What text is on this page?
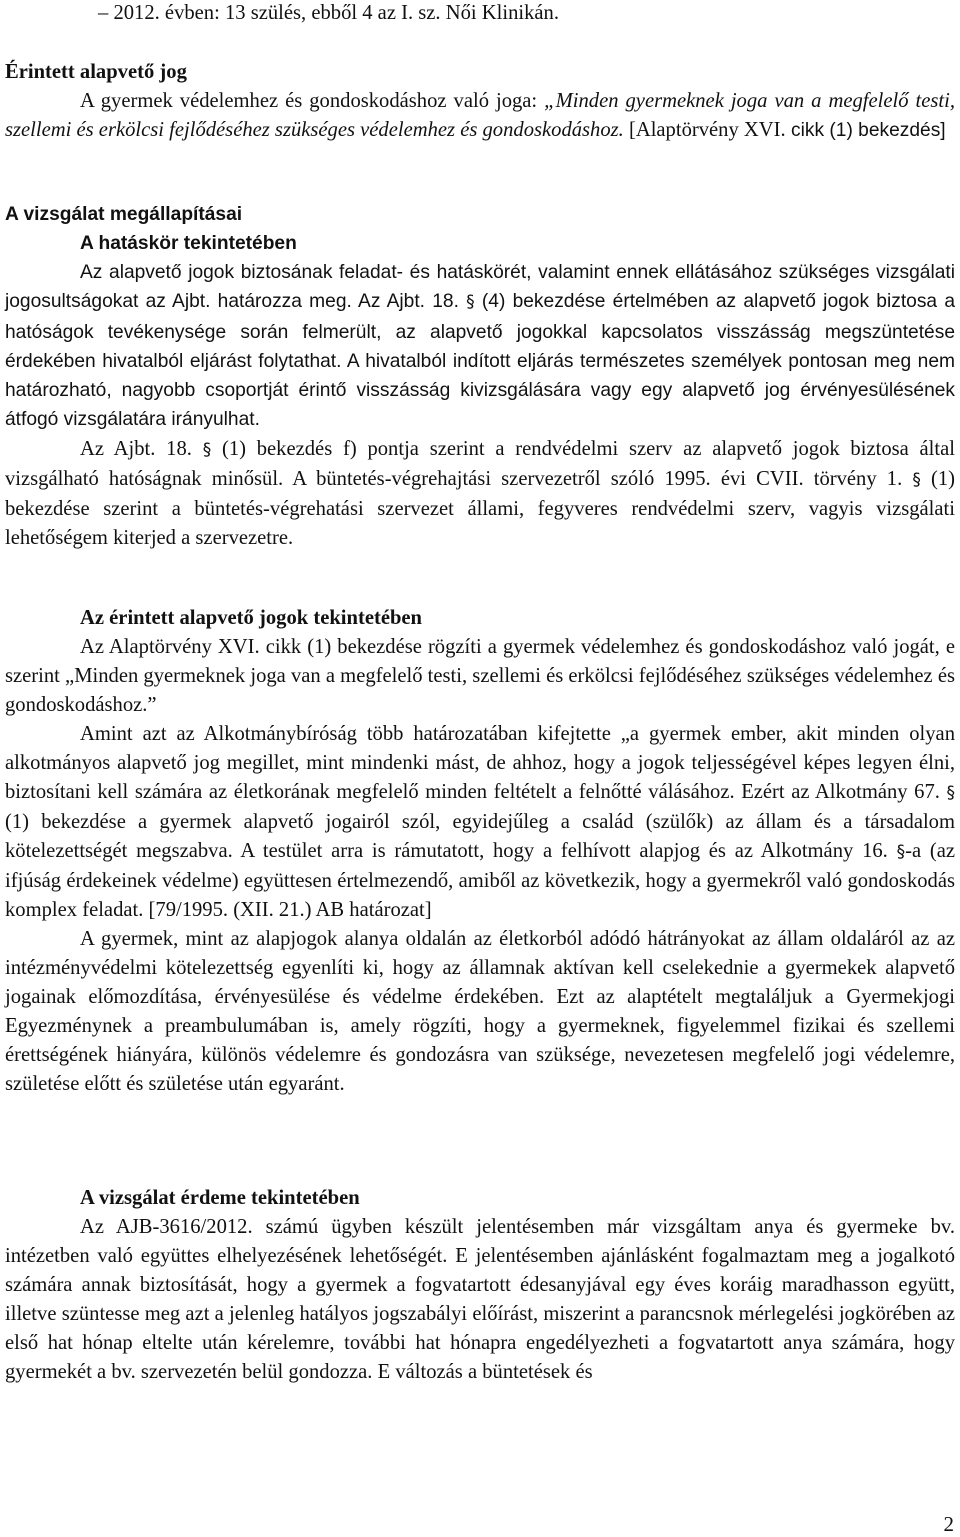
– 2012. évben: 13 szülés, ebből 4 az I. sz. Női Klinikán.

Érintett alapvető jog

A gyermek védelemhez és gondoskodáshoz való joga: „Minden gyermeknek joga van a megfelelő testi, szellemi és erkölcsi fejlődéséhez szükséges védelemhez és gondoskodáshoz. [Alaptörvény XVI. cikk (1) bekezdés]

A vizsgálat megállapításai

A hatáskör tekintetében

Az alapvető jogok biztosának feladat- és hatáskörét, valamint ennek ellátásához szükséges vizsgálati jogosultságokat az Ajbt. határozza meg. Az Ajbt. 18. § (4) bekezdése értelmében az alapvető jogok biztosa a hatóságok tevékenysége során felmerült, az alapvető jogokkal kapcsolatos visszásság megszüntetése érdekében hivatalból eljárást folytathat. A hivatalból indított eljárás természetes személyek pontosan meg nem határozható, nagyobb csoportját érintő visszásság kivizsgálására vagy egy alapvető jog érvényesülésének átfogó vizsgálatára irányulhat.

Az Ajbt. 18. § (1) bekezdés f) pontja szerint a rendvédelmi szerv az alapvető jogok biztosa által vizsgálható hatóságnak minősül. A büntetés-végrehajtási szervezetről szóló 1995. évi CVII. törvény 1. § (1) bekezdése szerint a büntetés-végrehatási szervezet állami, fegyveres rendvédelmi szerv, vagyis vizsgálati lehetőségem kiterjed a szervezetre.

Az érintett alapvető jogok tekintetében

Az Alaptörvény XVI. cikk (1) bekezdése rögzíti a gyermek védelemhez és gondoskodáshoz való jogát, e szerint „Minden gyermeknek joga van a megfelelő testi, szellemi és erkölcsi fejlődéséhez szükséges védelemhez és gondoskodáshoz.”

Amint azt az Alkotmánybíróság több határozatában kifejtette „a gyermek ember, akit minden olyan alkotmányos alapvető jog megillet, mint mindenki mást, de ahhoz, hogy a jogok teljességével képes legyen élni, biztosítani kell számára az életkorának megfelelő minden feltételt a felnőtté válásához. Ezért az Alkotmány 67. § (1) bekezdése a gyermek alapvető jogairól szól, egyidejűleg a család (szülők) az állam és a társadalom kötelezettségét megszabva. A testület arra is rámutatott, hogy a felhívott alapjog és az Alkotmány 16. §-a (az ifjúság érdekeinek védelme) együttesen értelmezendő, amiből az következik, hogy a gyermekről való gondoskodás komplex feladat. [79/1995. (XII. 21.) AB határozat]

A gyermek, mint az alapjogok alanya oldalán az életkorból adódó hátrányokat az állam oldaláról az az intézményvédelmi kötelezettség egyenlíti ki, hogy az államnak aktívan kell cselekednie a gyermekek alapvető jogainak előmozdítása, érvényesülése és védelme érdekében. Ezt az alaptételt megtaláljuk a Gyermekjogi Egyezménynek a preambulumában is, amely rögzíti, hogy a gyermeknek, figyelemmel fizikai és szellemi érettségének hiányára, különös védelemre és gondozásra van szüksége, nevezetesen megfelelő jogi védelemre, születése előtt és születése után egyaránt.

A vizsgálat érdeme tekintetében

Az AJB-3616/2012. számú ügyben készült jelentésemben már vizsgáltam anya és gyermeke bv. intézetben való együttes elhelyezésének lehetőségét. E jelentésemben ajánlásként fogalmaztam meg a jogalkotó számára annak biztosítását, hogy a gyermek a fogvatartott édesanyjával egy éves koráig maradhasson együtt, illetve szüntesse meg azt a jelenleg hatályos jogszabályi előírást, miszerint a parancsnok mérlegelési jogkörében az első hat hónap eltelte után kérelemre, további hat hónapra engedélyezheti a fogvatartott anya számára, hogy gyermekét a bv. szervezetén belül gondozza. E változás a büntetések és

2
